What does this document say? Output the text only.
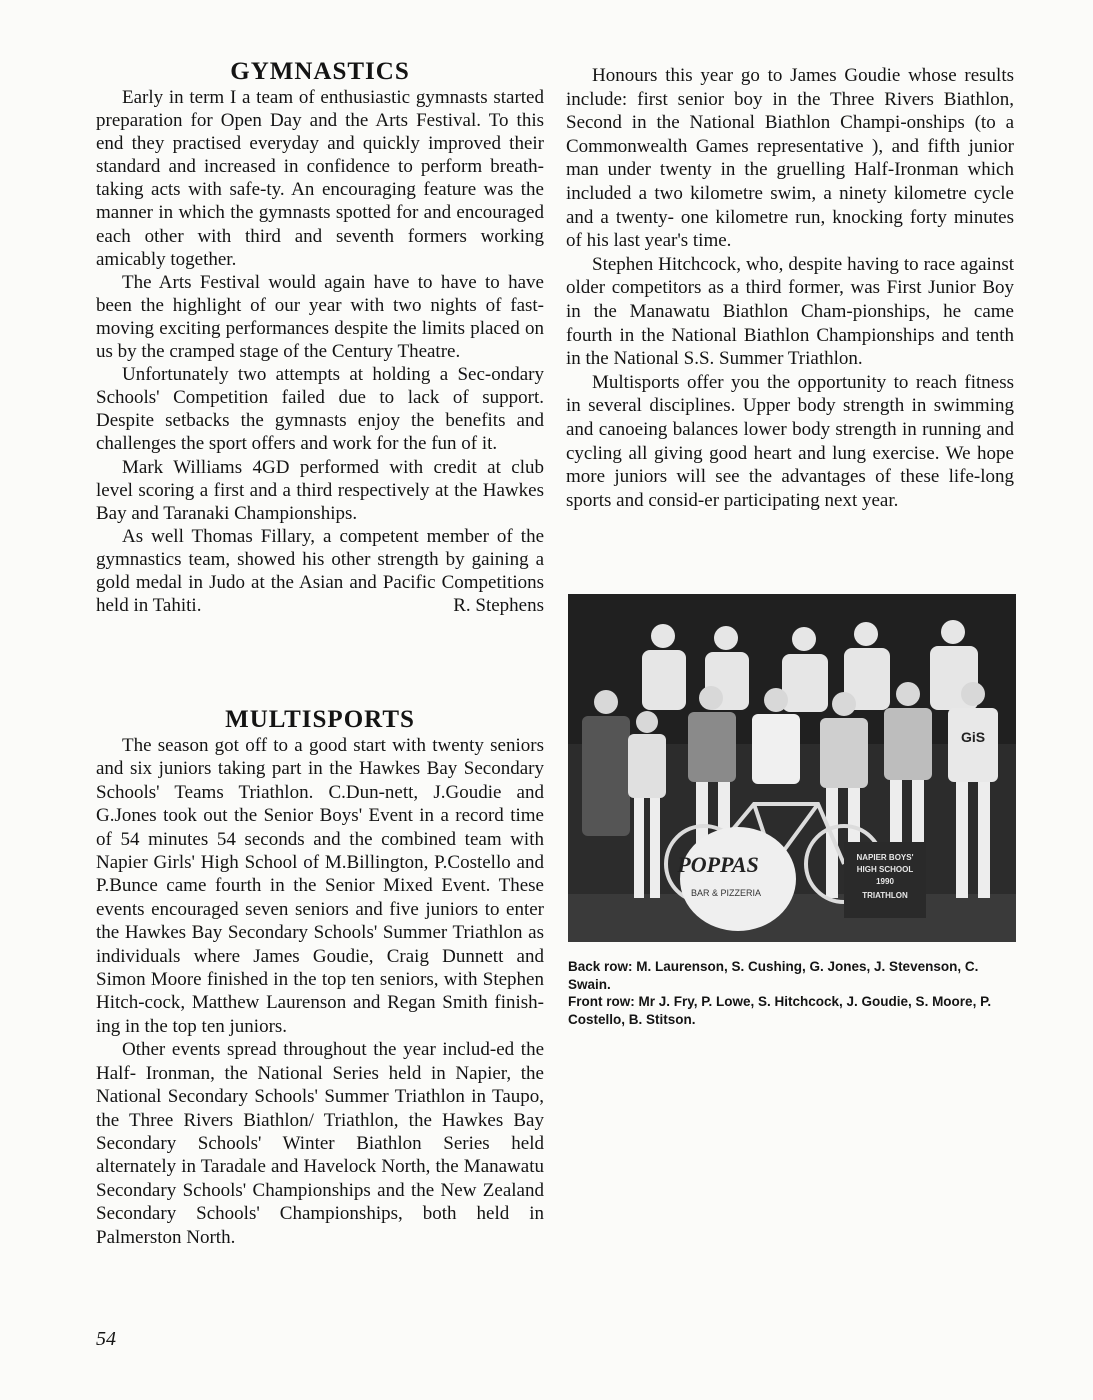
GYMNASTICS

Early in term I a team of enthusiastic gymnasts started preparation for Open Day and the Arts Festival. To this end they practised everyday and quickly improved their standard and increased in confidence to perform breath-taking acts with safe-ty. An encouraging feature was the manner in which the gymnasts spotted for and encouraged each other with third and seventh formers working amicably together.

The Arts Festival would again have to have to have been the highlight of our year with two nights of fast-moving exciting performances despite the limits placed on us by the cramped stage of the Century Theatre.

Unfortunately two attempts at holding a Sec-ondary Schools' Competition failed due to lack of support. Despite setbacks the gymnasts enjoy the benefits and challenges the sport offers and work for the fun of it.

Mark Williams 4GD performed with credit at club level scoring a first and a third respectively at the Hawkes Bay and Taranaki Championships.

As well Thomas Fillary, a competent member of the gymnastics team, showed his other strength by gaining a gold medal in Judo at the Asian and Pacific Competitions held in Tahiti.	R. Stephens

MULTISPORTS

The season got off to a good start with twenty seniors and six juniors taking part in the Hawkes Bay Secondary Schools' Teams Triathlon. C.Dun-nett, J.Goudie and G.Jones took out the Senior Boys' Event in a record time of 54 minutes 54 seconds and the combined team with Napier Girls' High School of M.Billington, P.Costello and P.Bunce came fourth in the Senior Mixed Event. These events encouraged seven seniors and five juniors to enter the Hawkes Bay Secondary Schools' Summer Triathlon as individuals where James Goudie, Craig Dunnett and Simon Moore finished in the top ten seniors, with Stephen Hitch-cock, Matthew Laurenson and Regan Smith finish-ing in the top ten juniors.

Other events spread throughout the year includ-ed the Half- Ironman, the National Series held in Napier, the National Secondary Schools' Summer Triathlon in Taupo, the Three Rivers Biathlon/ Triathlon, the Hawkes Bay Secondary Schools' Winter Biathlon Series held alternately in Taradale and Havelock North, the Manawatu Secondary Schools' Championships and the New Zealand Secondary Schools' Championships, both held in Palmerston North.

Honours this year go to James Goudie whose results include: first senior boy in the Three Rivers Biathlon, Second in the National Biathlon Champi-onships (to a Commonwealth Games representative ), and fifth junior man under twenty in the gruelling Half-Ironman which included a two kilometre swim, a ninety kilometre cycle and a twenty- one kilometre run, knocking forty minutes of his last year's time.

Stephen Hitchcock, who, despite having to race against older competitors as a third former, was First Junior Boy in the Manawatu Biathlon Cham-pionships, he came fourth in the National Biathlon Championships and tenth in the National S.S. Summer Triathlon.

Multisports offer you the opportunity to reach fitness in several disciplines. Upper body strength in swimming and canoeing balances lower body strength in running and cycling all giving good heart and lung exercise. We hope more juniors will see the advantages of these life-long sports and consid-er participating next year.

POPPAS
BAR & PIZZERIA
GiS
NAPIER BOYS'
HIGH SCHOOL
1990
TRIATHLON
Back row: M. Laurenson, S. Cushing, G. Jones, J. Stevenson, C. Swain.
Front row: Mr J. Fry, P. Lowe, S. Hitchcock, J. Goudie, S. Moore, P. Costello, B. Stitson.
54
